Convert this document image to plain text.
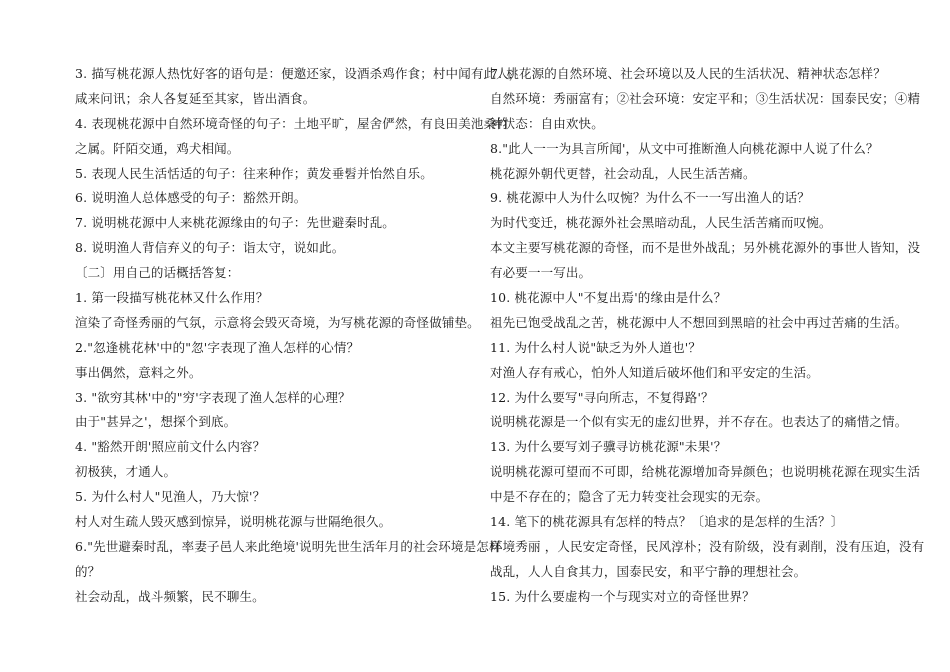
3. 描写桃花源人热忱好客的语句是：便邀还家，设酒杀鸡作食；村中闻有此人，
咸来问讯；余人各复延至其家，皆出酒食。
4. 表现桃花源中自然环境奇怪的句子：土地平旷，屋舍俨然，有良田美池桑竹
之属。阡陌交通，鸡犬相闻。
5. 表现人民生活恬适的句子：往来种作；黄发垂髫并怡然自乐。
6. 说明渔人总体感受的句子：豁然开朗。
7. 说明桃花源中人来桃花源缘由的句子：先世避秦时乱。
8. 说明渔人背信弃义的句子：诣太守，说如此。
〔二〕用自己的话概括答复：
1. 第一段描写桃花林又什么作用？
渲染了奇怪秀丽的气氛，示意将会毁灭奇境，为写桃花源的奇怪做铺垫。
2."忽逢桃花林'中的"忽'字表现了渔人怎样的心情？
事出偶然，意料之外。
3. "欲穷其林'中的"穷'字表现了渔人怎样的心理？
由于"甚异之'，想探个到底。
4. "豁然开朗'照应前文什么内容？
初极狭，才通人。
5. 为什么村人"见渔人，乃大惊'？
村人对生疏人毁灭感到惊异，说明桃花源与世隔绝很久。
6."先世避秦时乱，率妻子邑人来此绝境'说明先世生活年月的社会环境是怎样
的？
社会动乱，战斗频繁，民不聊生。
7. 桃花源的自然环境、社会环境以及人民的生活状况、精神状态怎样？
自然环境：秀丽富有；②社会环境：安定平和；③生活状况：国泰民安；④精
神状态：自由欢快。
8."此人一一为具言所闻'，从文中可推断渔人向桃花源中人说了什么？
桃花源外朝代更替，社会动乱，人民生活苦痛。
9. 桃花源中人为什么叹惋？为什么不一一写出渔人的话？
为时代变迁，桃花源外社会黑暗动乱，人民生活苦痛而叹惋。
本文主要写桃花源的奇怪，而不是世外战乱；另外桃花源外的事世人皆知，没
有必要一一写出。
10. 桃花源中人"不复出焉'的缘由是什么？
祖先已饱受战乱之苦，桃花源中人不想回到黑暗的社会中再过苦痛的生活。
11. 为什么村人说"缺乏为外人道也'？
对渔人存有戒心，怕外人知道后破坏他们和平安定的生活。
12. 为什么要写"寻向所志，不复得路'？
说明桃花源是一个似有实无的虚幻世界，并不存在。也表达了的痛惜之情。
13. 为什么要写刘子骥寻访桃花源"未果'？
说明桃花源可望而不可即，给桃花源增加奇异颜色；也说明桃花源在现实生活
中是不存在的；隐含了无力转变社会现实的无奈。
14. 笔下的桃花源具有怎样的特点？〔追求的是怎样的生活？〕
环境秀丽 ，人民安定奇怪，民风淳朴；没有阶级，没有剥削，没有压迫，没有
战乱，人人自食其力，国泰民安，和平宁静的理想社会。
15. 为什么要虚构一个与现实对立的奇怪世界？
